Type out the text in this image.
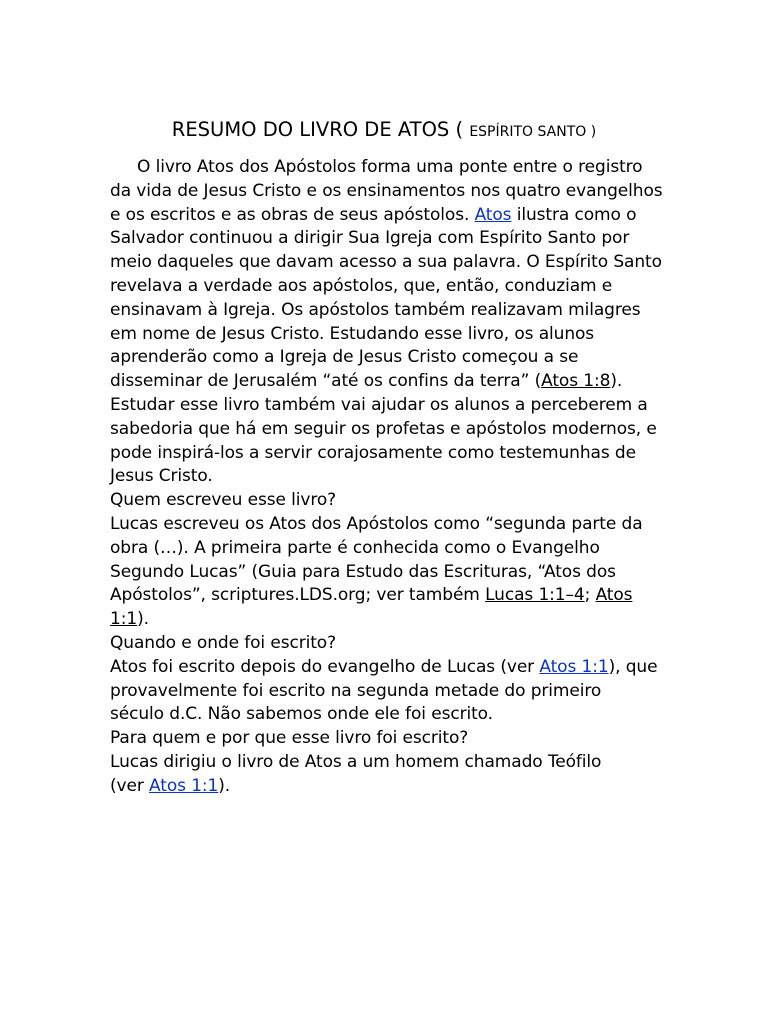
RESUMO DO LIVRO DE ATOS ( ESPÍRITO SANTO )
O livro Atos dos Apóstolos forma uma ponte entre o registro
da vida de Jesus Cristo e os ensinamentos nos quatro evangelhos
e os escritos e as obras de seus apóstolos. Atos ilustra como o
Salvador continuou a dirigir Sua Igreja com Espírito Santo por
meio daqueles que davam acesso a sua palavra. O Espírito Santo
revelava a verdade aos apóstolos, que, então, conduziam e
ensinavam à Igreja. Os apóstolos também realizavam milagres
em nome de Jesus Cristo. Estudando esse livro, os alunos
aprenderão como a Igreja de Jesus Cristo começou a se
disseminar de Jerusalém “até os confins da terra” (Atos 1:8).
Estudar esse livro também vai ajudar os alunos a perceberem a
sabedoria que há em seguir os profetas e apóstolos modernos, e
pode inspirá-los a servir corajosamente como testemunhas de
Jesus Cristo.
Quem escreveu esse livro?
Lucas escreveu os Atos dos Apóstolos como “segunda parte da
obra (…). A primeira parte é conhecida como o Evangelho
Segundo Lucas” (Guia para Estudo das Escrituras, “Atos dos
Apóstolos”, scriptures.LDS.org; ver também Lucas 1:1–4; Atos
1:1).
Quando e onde foi escrito?
Atos foi escrito depois do evangelho de Lucas (ver Atos 1:1), que
provavelmente foi escrito na segunda metade do primeiro
século d.C. Não sabemos onde ele foi escrito.
Para quem e por que esse livro foi escrito?
Lucas dirigiu o livro de Atos a um homem chamado Teófilo
(ver Atos 1:1).
